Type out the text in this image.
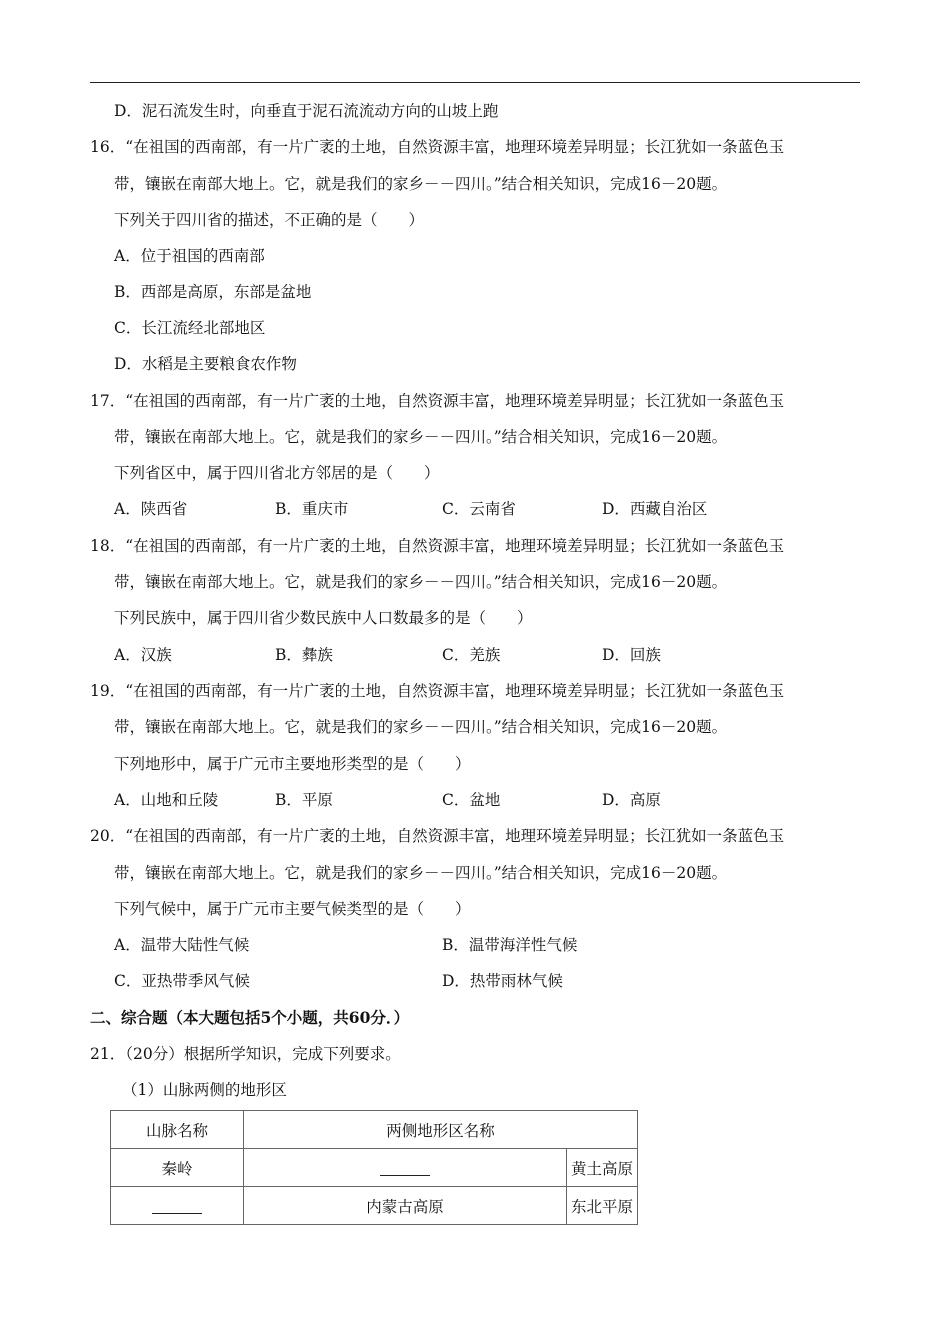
D．泥石流发生时，向垂直于泥石流流动方向的山坡上跑
16．“在祖国的西南部，有一片广袤的土地，自然资源丰富，地理环境差异明显；长江犹如一条蓝色玉
带，镶嵌在南部大地上。它，就是我们的家乡－－四川。”结合相关知识，完成16－20题。
下列关于四川省的描述，不正确的是（　　）
A．位于祖国的西南部
B．西部是高原，东部是盆地
C．长江流经北部地区
D．水稻是主要粮食农作物
17．“在祖国的西南部，有一片广袤的土地，自然资源丰富，地理环境差异明显；长江犹如一条蓝色玉
带，镶嵌在南部大地上。它，就是我们的家乡－－四川。”结合相关知识，完成16－20题。
下列省区中，属于四川省北方邻居的是（　　）
A．陕西省	B．重庆市	C．云南省	D．西藏自治区
18．“在祖国的西南部，有一片广袤的土地，自然资源丰富，地理环境差异明显；长江犹如一条蓝色玉
带，镶嵌在南部大地上。它，就是我们的家乡－－四川。”结合相关知识，完成16－20题。
下列民族中，属于四川省少数民族中人口数最多的是（　　）
A．汉族	B．彝族	C．羌族	D．回族
19．“在祖国的西南部，有一片广袤的土地，自然资源丰富，地理环境差异明显；长江犹如一条蓝色玉
带，镶嵌在南部大地上。它，就是我们的家乡－－四川。”结合相关知识，完成16－20题。
下列地形中，属于广元市主要地形类型的是（　　）
A．山地和丘陵	B．平原	C．盆地	D．高原
20．“在祖国的西南部，有一片广袤的土地，自然资源丰富，地理环境差异明显；长江犹如一条蓝色玉
带，镶嵌在南部大地上。它，就是我们的家乡－－四川。”结合相关知识，完成16－20题。
下列气候中，属于广元市主要气候类型的是（　　）
A．温带大陆性气候	B．温带海洋性气候
C．亚热带季风气候	D．热带雨林气候
二、综合题（本大题包括5个小题，共60分．）
21．（20分）根据所学知识，完成下列要求。
（1）山脉两侧的地形区
山脉名称	两侧地形区名称	
秦岭		黄土高原
	内蒙古高原	东北平原
